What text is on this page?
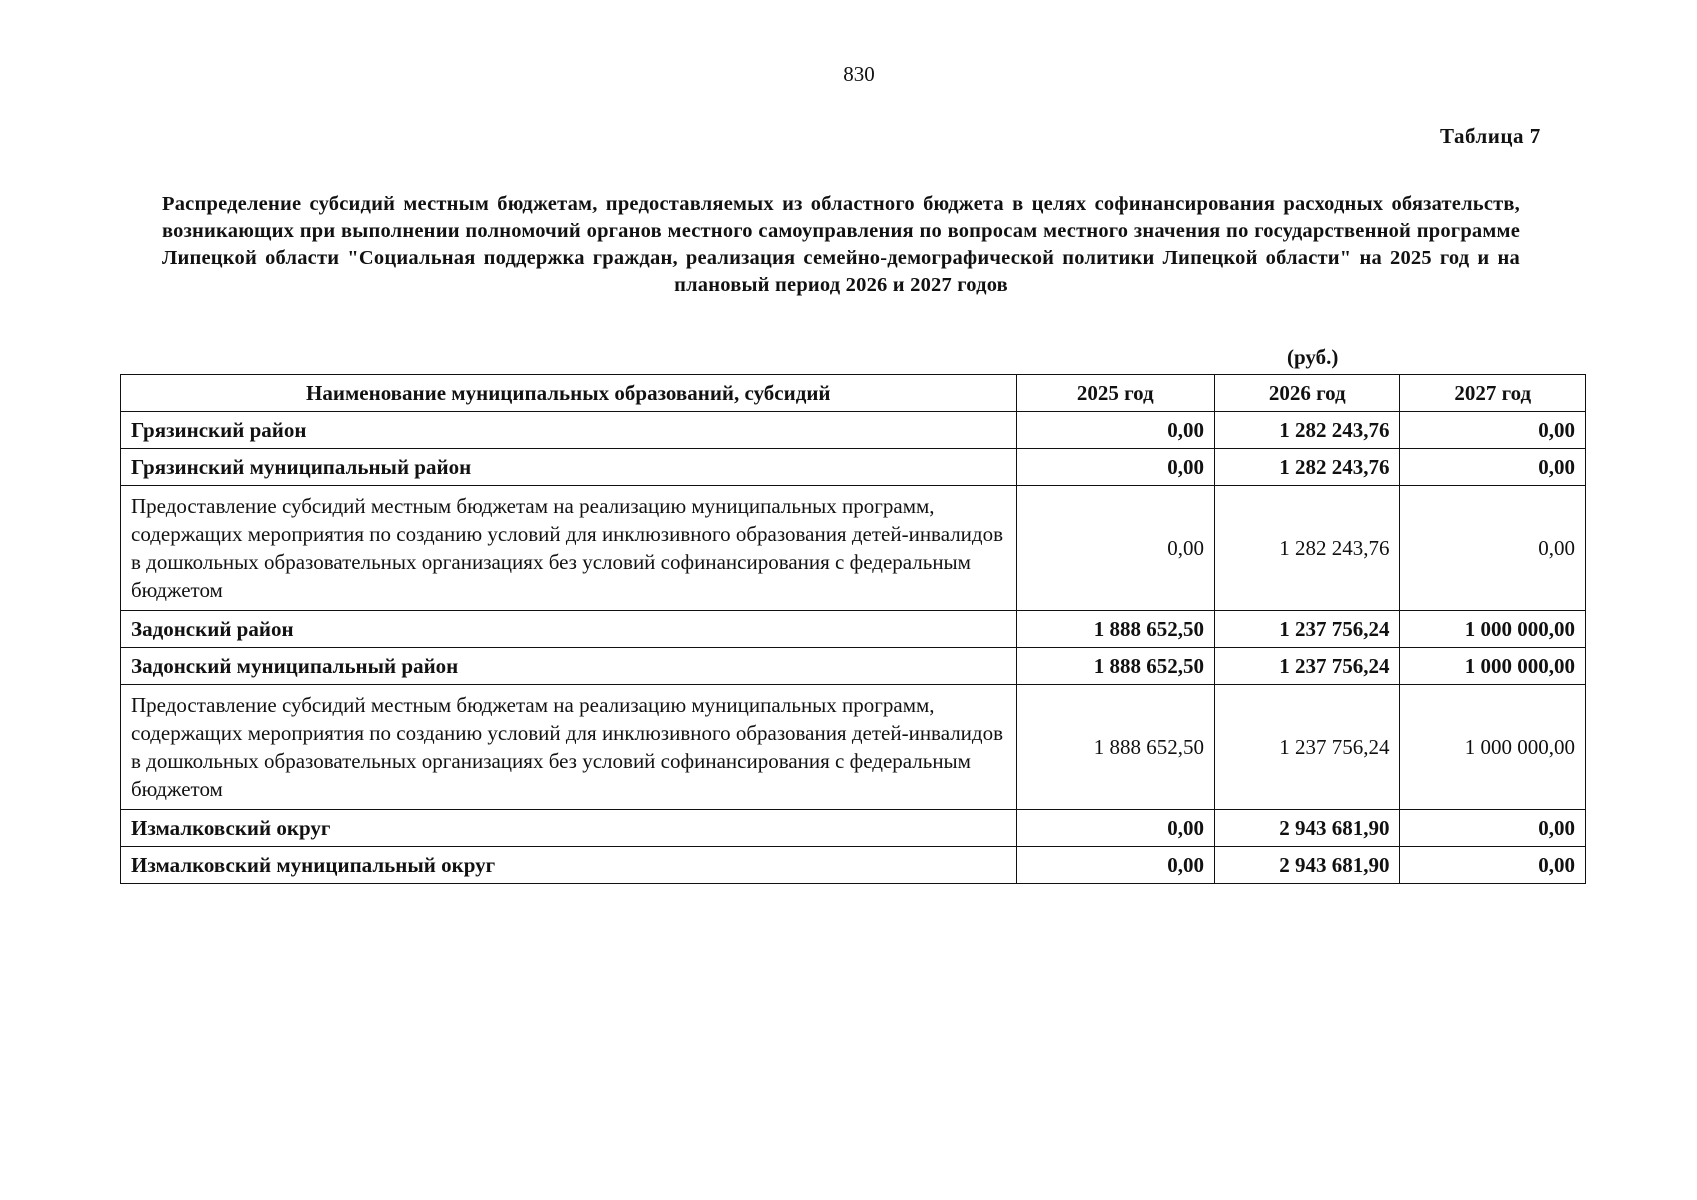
830
Таблица 7
Распределение субсидий местным бюджетам, предоставляемых из областного бюджета в целях софинансирования расходных обязательств, возникающих при выполнении полномочий органов местного самоуправления по вопросам местного значения по государственной программе Липецкой области "Социальная поддержка граждан, реализация семейно-демографической политики Липецкой области" на 2025 год и на плановый период 2026 и 2027 годов
(руб.)
Наименование муниципальных образований, субсидий	2025 год	2026 год	2027 год
Грязинский район	0,00	1 282 243,76	0,00
Грязинский муниципальный район	0,00	1 282 243,76	0,00
Предоставление субсидий местным бюджетам на реализацию муниципальных программ, содержащих мероприятия по созданию условий для инклюзивного образования детей-инвалидов в дошкольных образовательных организациях без условий софинансирования с федеральным бюджетом	0,00	1 282 243,76	0,00
Задонский район	1 888 652,50	1 237 756,24	1 000 000,00
Задонский муниципальный район	1 888 652,50	1 237 756,24	1 000 000,00
Предоставление субсидий местным бюджетам на реализацию муниципальных программ, содержащих мероприятия по созданию условий для инклюзивного образования детей-инвалидов в дошкольных образовательных организациях без условий софинансирования с федеральным бюджетом	1 888 652,50	1 237 756,24	1 000 000,00
Измалковский округ	0,00	2 943 681,90	0,00
Измалковский муниципальный округ	0,00	2 943 681,90	0,00
